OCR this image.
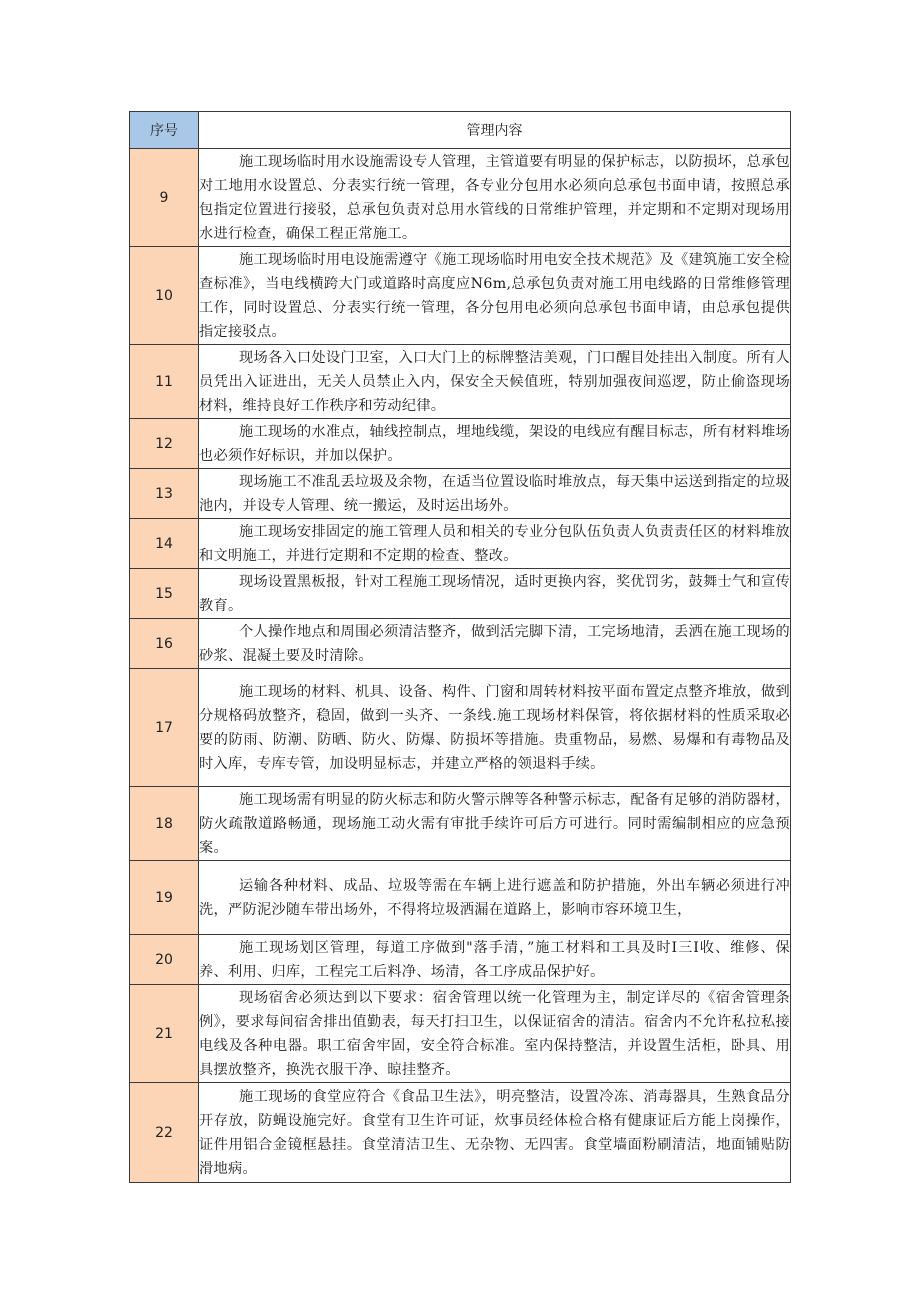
序号	管理内容
9	施工现场临时用水设施需设专人管理，主管道要有明显的保护标志，以防损坏，总承包对工地用水设置总、分表实行统一管理，各专业分包用水必须向总承包书面申请，按照总承包指定位置进行接驳，总承包负责对总用水管线的日常维护管理，并定期和不定期对现场用水进行检查，确保工程正常施工。
10	施工现场临时用电设施需遵守《施工现场临时用电安全技术规范》及《建筑施工安全检查标准》，当电线横跨大门或道路时高度应N6m,总承包负责对施工用电线路的日常维修管理工作，同时设置总、分表实行统一管理，各分包用电必须向总承包书面申请，由总承包提供指定接驳点。
11	现场各入口处设门卫室，入口大门上的标牌整洁美观，门口醒目处挂出入制度。所有人员凭出入证进出，无关人员禁止入内，保安全天候值班，特别加强夜间巡逻，防止偷盗现场材料，维持良好工作秩序和劳动纪律。
12	施工现场的水准点，轴线控制点，埋地线缆，架设的电线应有醒目标志，所有材料堆场也必须作好标识，并加以保护。
13	现场施工不准乱丢垃圾及余物，在适当位置设临时堆放点，每天集中运送到指定的垃圾池内，并设专人管理、统一搬运，及时运出场外。
14	施工现场安排固定的施工管理人员和相关的专业分包队伍负责人负责责任区的材料堆放和文明施工，并进行定期和不定期的检查、整改。
15	现场设置黑板报，针对工程施工现场情况，适时更换内容，奖优罚劣，鼓舞士气和宣传教育。
16	个人操作地点和周围必须清洁整齐，做到活完脚下清，工完场地清，丢洒在施工现场的砂浆、混凝土要及时清除。
17	施工现场的材料、机具、设备、构件、门窗和周转材料按平面布置定点整齐堆放，做到分规格码放整齐，稳固，做到一头齐、一条线.施工现场材料保管，将依据材料的性质采取必要的防雨、防潮、防晒、防火、防爆、防损坏等措施。贵重物品，易燃、易爆和有毒物品及时入库，专库专管，加设明显标志，并建立严格的领退料手续。
18	施工现场需有明显的防火标志和防火警示牌等各种警示标志，配备有足够的消防器材，防火疏散道路畅通，现场施工动火需有审批手续许可后方可进行。同时需编制相应的应急预案。
19	运输各种材料、成品、垃圾等需在车辆上进行遮盖和防护措施，外出车辆必须进行冲洗，严防泥沙随车带出场外，不得将垃圾洒漏在道路上，影响市容环境卫生，
20	施工现场划区管理，每道工序做到"落手清，”施工材料和工具及时I三I收、维修、保养、利用、归库，工程完工后料净、场清，各工序成品保护好。
21	现场宿舍必须达到以下要求：宿舍管理以统一化管理为主，制定详尽的《宿舍管理条例》，要求每间宿舍排出值勤表，每天打扫卫生，以保证宿舍的清洁。宿舍内不允许私拉私接电线及各种电器。职工宿舍牢固，安全符合标准。室内保持整洁，并设置生活柜，卧具、用具摆放整齐，换洗衣服干净、晾挂整齐。
22	施工现场的食堂应符合《食品卫生法》，明亮整洁，设置冷冻、消毒器具，生熟食品分开存放，防蝇设施完好。食堂有卫生许可证，炊事员经体检合格有健康证后方能上岗操作，证件用铝合金镜框悬挂。食堂清洁卫生、无杂物、无四害。食堂墙面粉刷清洁，地面铺贴防滑地病。
